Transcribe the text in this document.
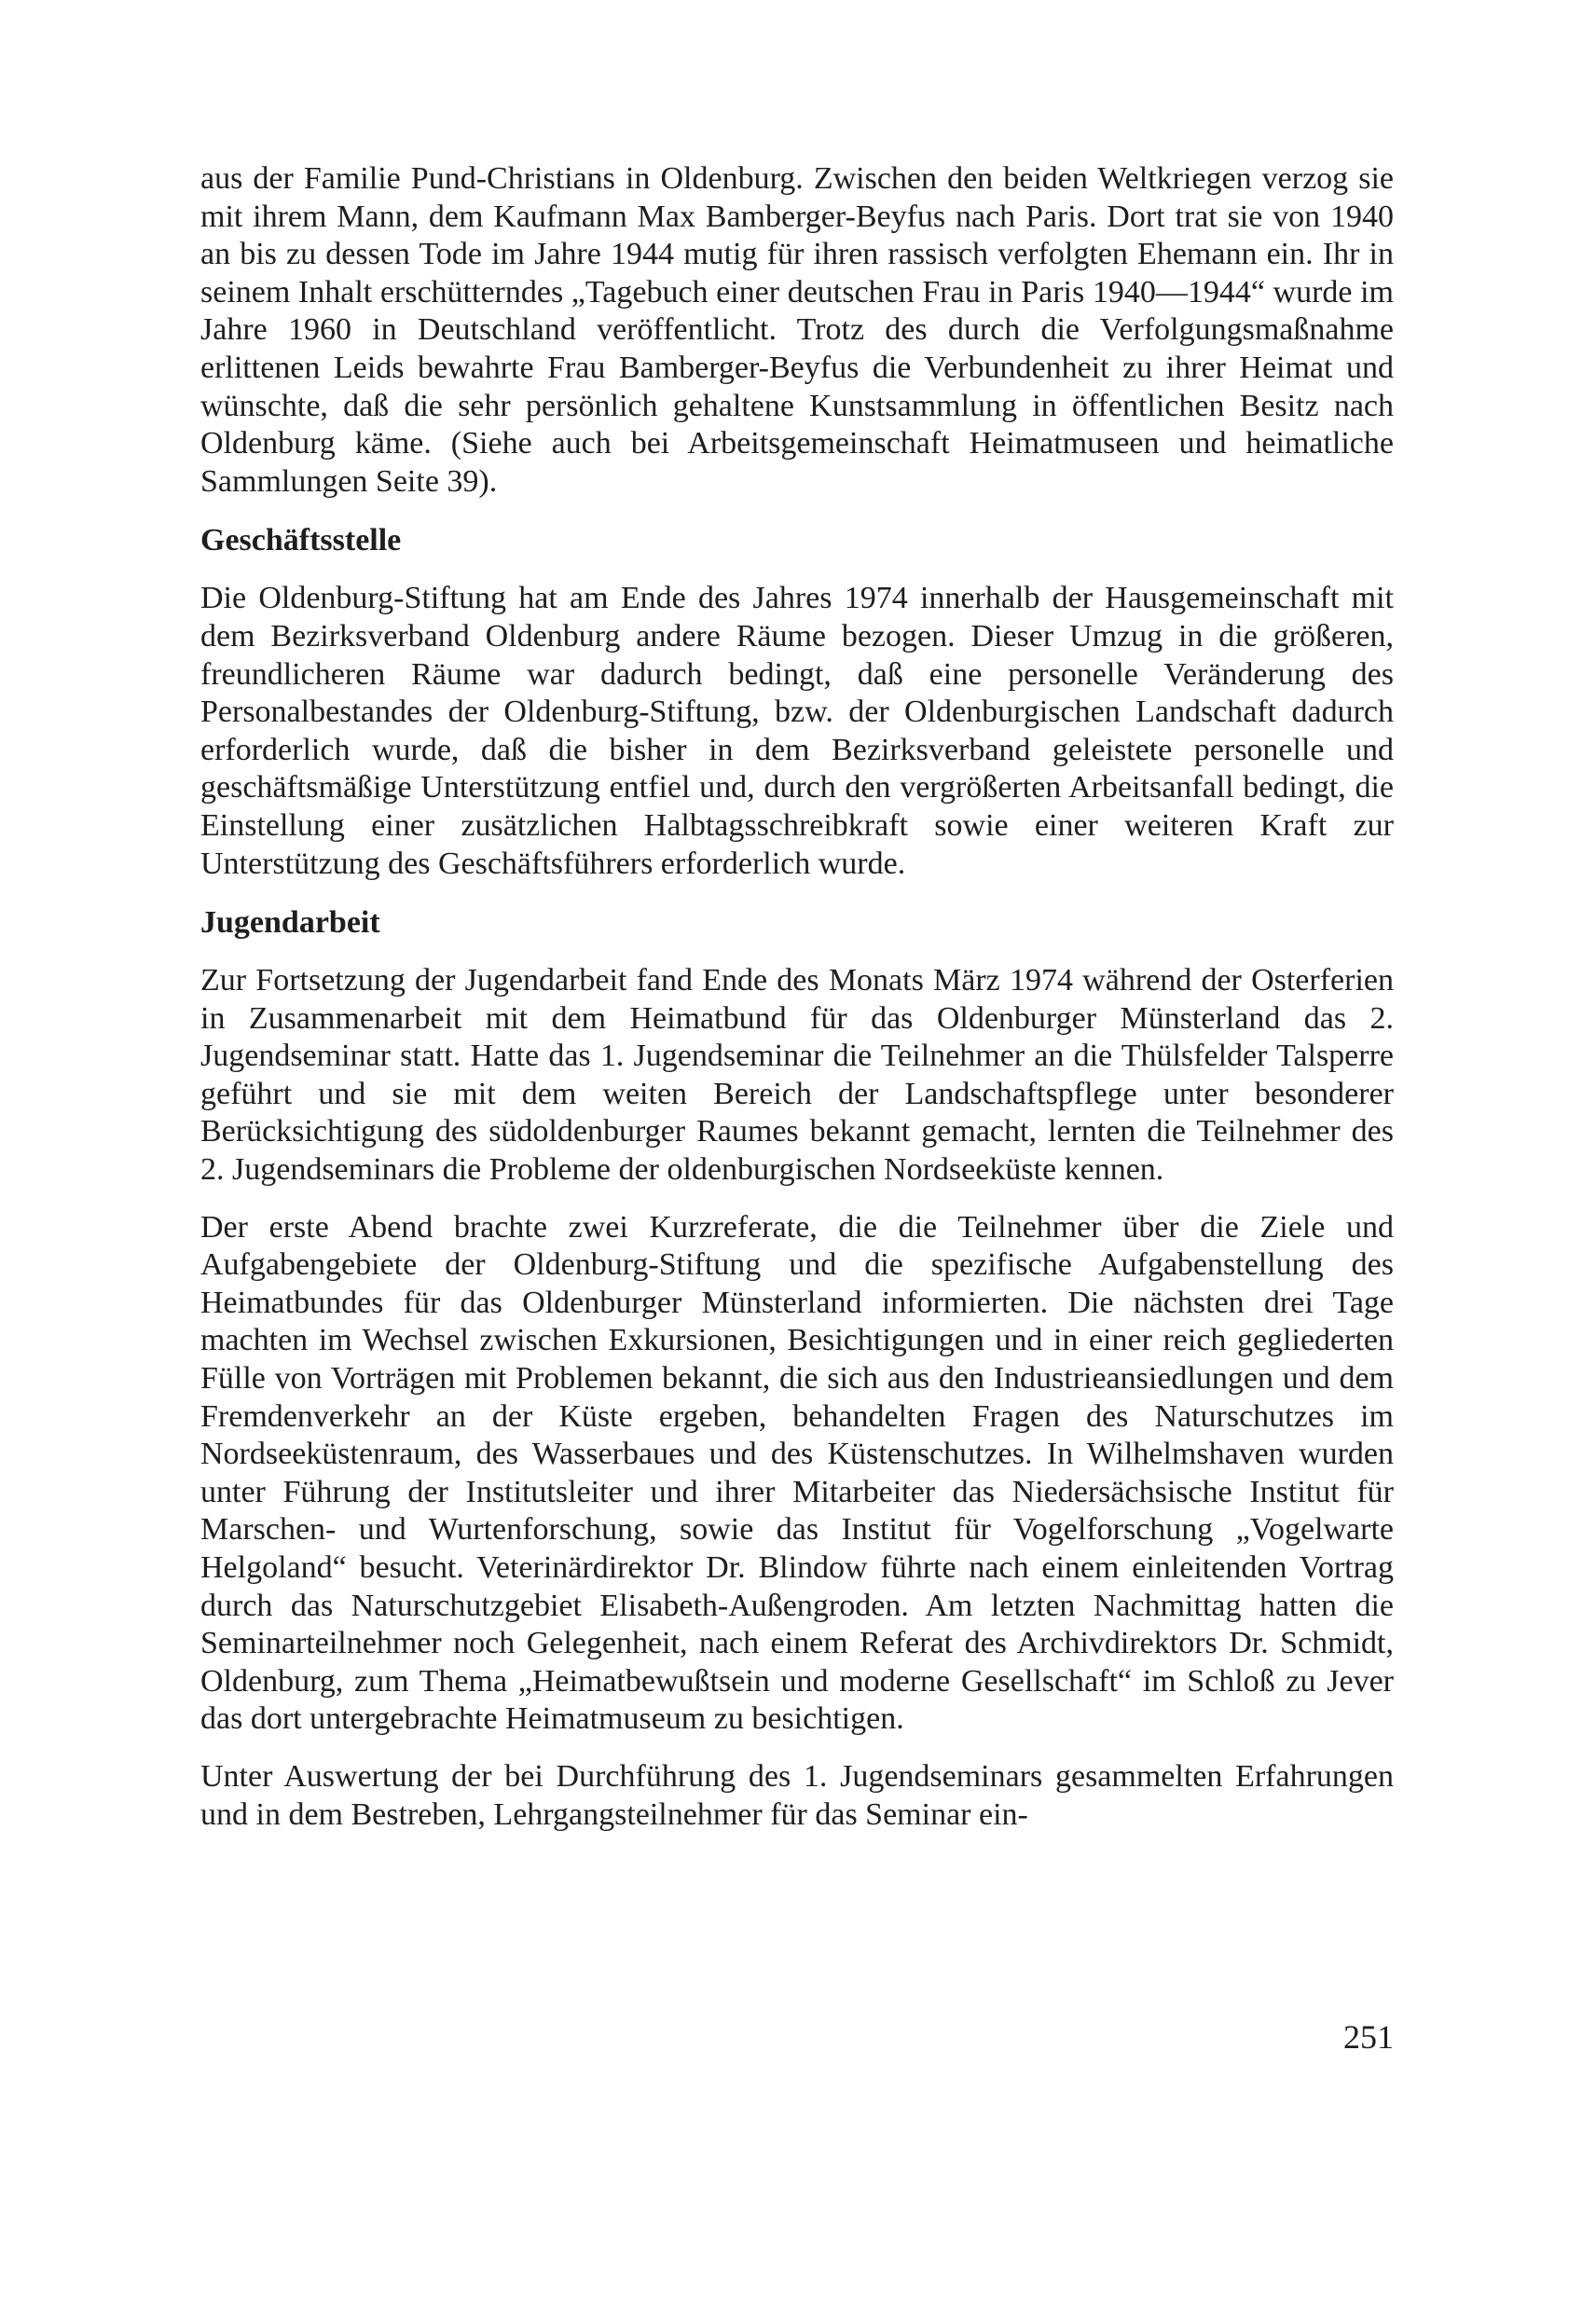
aus der Familie Pund-Christians in Oldenburg. Zwischen den beiden Weltkriegen verzog sie mit ihrem Mann, dem Kaufmann Max Bamberger-Beyfus nach Paris. Dort trat sie von 1940 an bis zu dessen Tode im Jahre 1944 mutig für ihren rassisch verfolgten Ehemann ein. Ihr in seinem Inhalt erschütterndes „Tagebuch einer deutschen Frau in Paris 1940—1944“ wurde im Jahre 1960 in Deutschland veröffentlicht. Trotz des durch die Verfolgungsmaßnahme erlittenen Leids bewahrte Frau Bamberger-Beyfus die Verbundenheit zu ihrer Heimat und wünschte, daß die sehr persönlich gehaltene Kunstsammlung in öffentlichen Besitz nach Oldenburg käme. (Siehe auch bei Arbeitsgemeinschaft Heimatmuseen und heimatliche Sammlungen Seite 39).

Geschäftsstelle

Die Oldenburg-Stiftung hat am Ende des Jahres 1974 innerhalb der Hausgemeinschaft mit dem Bezirksverband Oldenburg andere Räume bezogen. Dieser Umzug in die größeren, freundlicheren Räume war dadurch bedingt, daß eine personelle Veränderung des Personalbestandes der Oldenburg-Stiftung, bzw. der Oldenburgischen Landschaft dadurch erforderlich wurde, daß die bisher in dem Bezirksverband geleistete personelle und geschäftsmäßige Unterstützung entfiel und, durch den vergrößerten Arbeitsanfall bedingt, die Einstellung einer zusätzlichen Halbtagsschreibkraft sowie einer weiteren Kraft zur Unterstützung des Geschäftsführers erforderlich wurde.

Jugendarbeit

Zur Fortsetzung der Jugendarbeit fand Ende des Monats März 1974 während der Osterferien in Zusammenarbeit mit dem Heimatbund für das Oldenburger Münsterland das 2. Jugendseminar statt. Hatte das 1. Jugendseminar die Teilnehmer an die Thülsfelder Talsperre geführt und sie mit dem weiten Bereich der Landschaftspflege unter besonderer Berücksichtigung des südoldenburger Raumes bekannt gemacht, lernten die Teilnehmer des 2. Jugendseminars die Probleme der oldenburgischen Nordseeküste kennen.

Der erste Abend brachte zwei Kurzreferate, die die Teilnehmer über die Ziele und Aufgabengebiete der Oldenburg-Stiftung und die spezifische Aufgabenstellung des Heimatbundes für das Oldenburger Münsterland informierten. Die nächsten drei Tage machten im Wechsel zwischen Exkursionen, Besichtigungen und in einer reich gegliederten Fülle von Vorträgen mit Problemen bekannt, die sich aus den Industrieansiedlungen und dem Fremdenverkehr an der Küste ergeben, behandelten Fragen des Naturschutzes im Nordseeküstenraum, des Wasserbaues und des Küstenschutzes. In Wilhelmshaven wurden unter Führung der Institutsleiter und ihrer Mitarbeiter das Niedersächsische Institut für Marschen- und Wurtenforschung, sowie das Institut für Vogelforschung „Vogelwarte Helgoland“ besucht. Veterinärdirektor Dr. Blindow führte nach einem einleitenden Vortrag durch das Naturschutzgebiet Elisabeth-Außengroden. Am letzten Nachmittag hatten die Seminarteilnehmer noch Gelegenheit, nach einem Referat des Archivdirektors Dr. Schmidt, Oldenburg, zum Thema „Heimatbewußtsein und moderne Gesellschaft“ im Schloß zu Jever das dort untergebrachte Heimatmuseum zu besichtigen.

Unter Auswertung der bei Durchführung des 1. Jugendseminars gesammelten Erfahrungen und in dem Bestreben, Lehrgangsteilnehmer für das Seminar ein-

251
